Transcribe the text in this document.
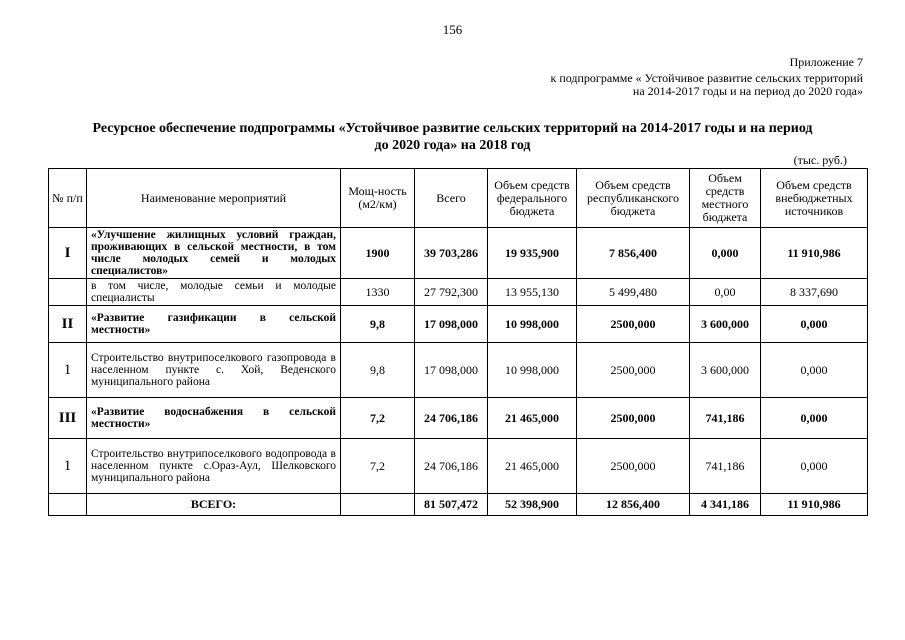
156
Приложение 7
к подпрограмме « Устойчивое развитие сельских территорий
на 2014-2017 годы и на период до 2020 года»
Ресурсное обеспечение подпрограммы «Устойчивое развитие сельских территорий на 2014-2017 годы и на период
до 2020 года» на 2018 год
(тыс. руб.)
№ п/п	Наименование мероприятий	Мощ-ность (м2/км)	Всего	Объем средств федерального бюджета	Объем средств республиканского бюджета	Объем средств местного бюджета	Объем средств внебюджетных источников
I	«Улучшение жилищных условий граждан, проживающих в сельской местности, в том числе молодых семей и молодых специалистов»	1900	39 703,286	19 935,900	7 856,400	0,000	11 910,986
	в том числе, молодые семьи и молодые специалисты	1330	27 792,300	13 955,130	5 499,480	0,00	8 337,690
II	«Развитие газификации в сельской местности»	9,8	17 098,000	10 998,000	2500,000	3 600,000	0,000
1	Строительство внутрипоселкового газопровода в населенном пункте с. Хой, Веденского муниципального района	9,8	17 098,000	10 998,000	2500,000	3 600,000	0,000
III	«Развитие водоснабжения в сельской местности»	7,2	24 706,186	21 465,000	2500,000	741,186	0,000
1	Строительство внутрипоселкового водопровода в населенном пункте с.Ораз-Аул, Шелковского муниципального района	7,2	24 706,186	21 465,000	2500,000	741,186	0,000
	ВСЕГО:		81 507,472	52 398,900	12 856,400	4 341,186	11 910,986
